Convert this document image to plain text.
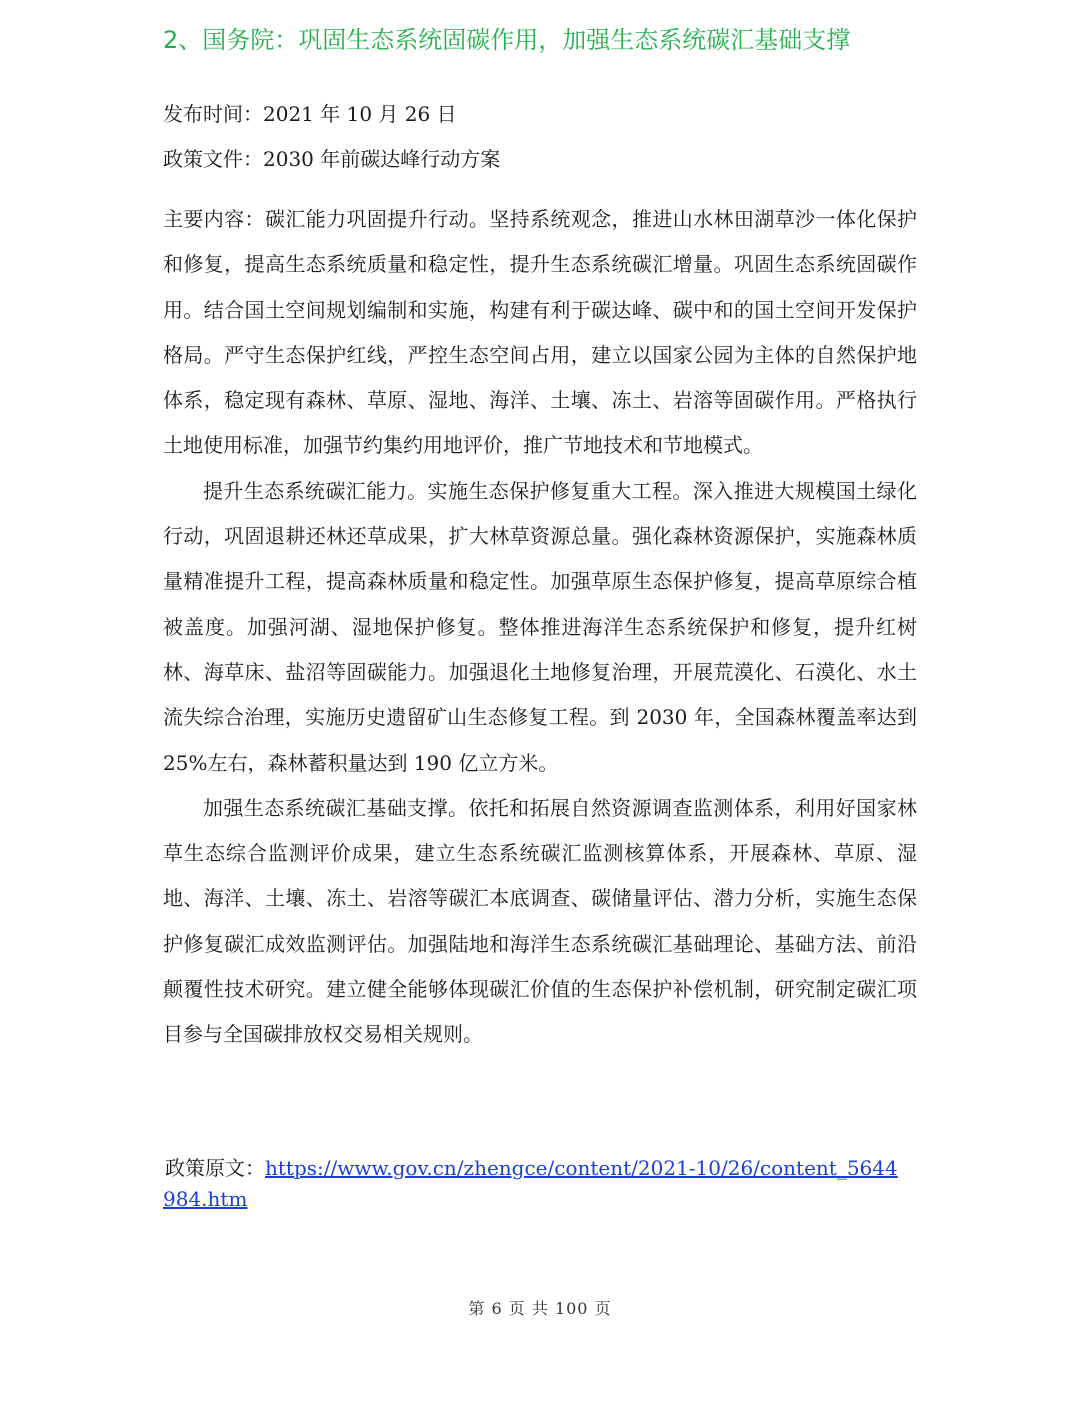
2、国务院：巩固生态系统固碳作用，加强生态系统碳汇基础支撑
发布时间：2021 年 10 月 26 日
政策文件：2030 年前碳达峰行动方案

主要内容：碳汇能力巩固提升行动。坚持系统观念，推进山水林田湖草沙一体化保护和修复，提高生态系统质量和稳定性，提升生态系统碳汇增量。巩固生态系统固碳作用。结合国土空间规划编制和实施，构建有利于碳达峰、碳中和的国土空间开发保护格局。严守生态保护红线，严控生态空间占用，建立以国家公园为主体的自然保护地体系，稳定现有森林、草原、湿地、海洋、土壤、冻土、岩溶等固碳作用。严格执行土地使用标准，加强节约集约用地评价，推广节地技术和节地模式。

提升生态系统碳汇能力。实施生态保护修复重大工程。深入推进大规模国土绿化行动，巩固退耕还林还草成果，扩大林草资源总量。强化森林资源保护，实施森林质量精准提升工程，提高森林质量和稳定性。加强草原生态保护修复，提高草原综合植被盖度。加强河湖、湿地保护修复。整体推进海洋生态系统保护和修复，提升红树林、海草床、盐沼等固碳能力。加强退化土地修复治理，开展荒漠化、石漠化、水土流失综合治理，实施历史遗留矿山生态修复工程。到 2030 年，全国森林覆盖率达到 25%左右，森林蓄积量达到 190 亿立方米。

加强生态系统碳汇基础支撑。依托和拓展自然资源调查监测体系，利用好国家林草生态综合监测评价成果，建立生态系统碳汇监测核算体系，开展森林、草原、湿地、海洋、土壤、冻土、岩溶等碳汇本底调查、碳储量评估、潜力分析，实施生态保护修复碳汇成效监测评估。加强陆地和海洋生态系统碳汇基础理论、基础方法、前沿颠覆性技术研究。建立健全能够体现碳汇价值的生态保护补偿机制，研究制定碳汇项目参与全国碳排放权交易相关规则。

政策原文：https://www.gov.cn/zhengce/content/2021-10/26/content_5644984.htm
第 6 页 共 100 页
